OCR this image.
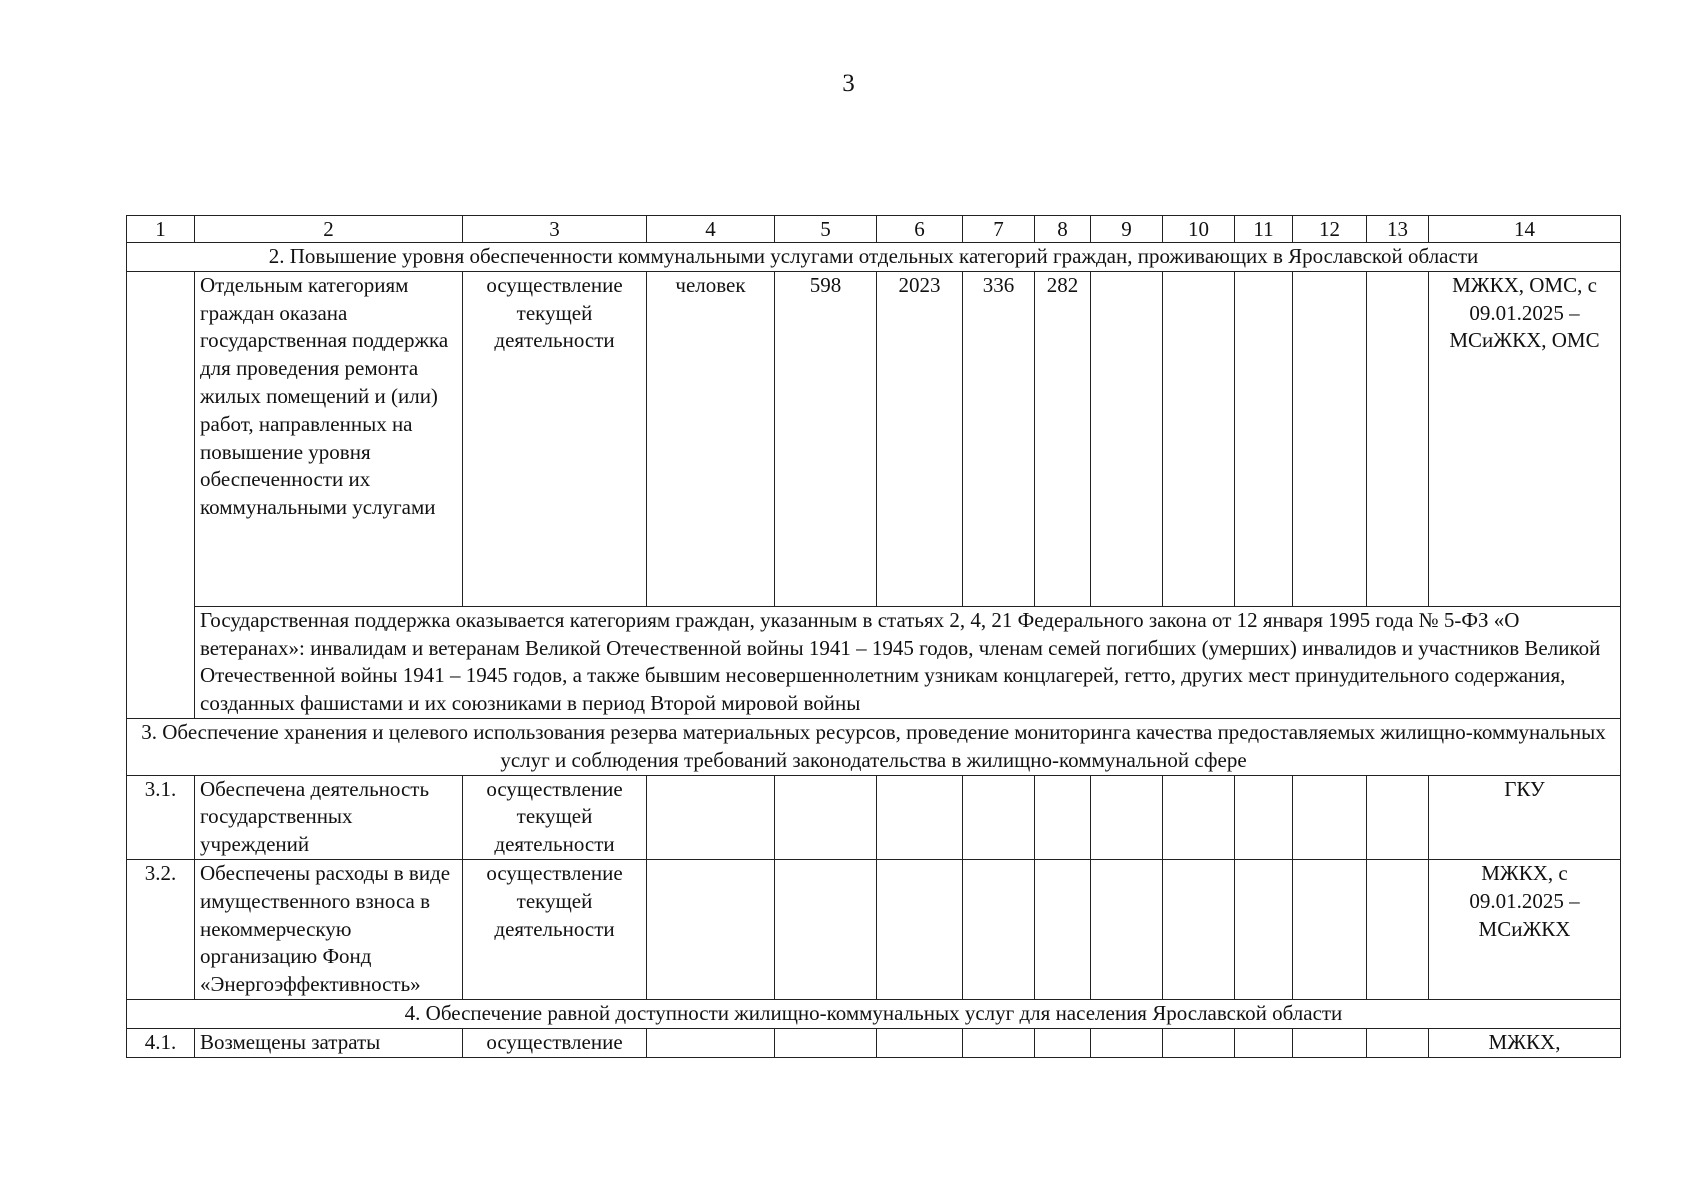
3
1	2	3	4	5	6	7	8	9	10	11	12	13	14
2. Повышение уровня обеспеченности коммунальными услугами отдельных категорий граждан, проживающих в Ярославской области													
	Отдельным категориям граждан оказана государственная поддержка для проведения ремонта жилых помещений и (или) работ, направленных на повышение уровня обеспеченности их коммунальными услугами	осуществление текущей деятельности	человек	598	2023	336	282						МЖКХ, ОМС, с 09.01.2025 – МСиЖКХ, ОМС
	Государственная поддержка оказывается категориям граждан, указанным в статьях 2, 4, 21 Федерального закона от 12 января 1995 года № 5-ФЗ «О ветеранах»: инвалидам и ветеранам Великой Отечественной войны 1941 – 1945 годов, членам семей погибших (умерших) инвалидов и участников Великой Отечественной войны 1941 – 1945 годов, а также бывшим несовершеннолетним узникам концлагерей, гетто, других мест принудительного содержания, созданных фашистами и их союзниками в период Второй мировой войны												
3. Обеспечение хранения и целевого использования резерва материальных ресурсов, проведение мониторинга качества предоставляемых жилищно-коммунальных услуг и соблюдения требований законодательства в жилищно-коммунальной сфере													
3.1.	Обеспечена деятельность государственных учреждений	осуществление текущей деятельности											ГКУ
3.2.	Обеспечены расходы в виде имущественного взноса в некоммерческую организацию Фонд «Энергоэффективность»	осуществление текущей деятельности											МЖКХ, с 09.01.2025 – МСиЖКХ
4. Обеспечение равной доступности жилищно-коммунальных услуг для населения Ярославской области													
4.1.	Возмещены затраты	осуществление											МЖКХ,
